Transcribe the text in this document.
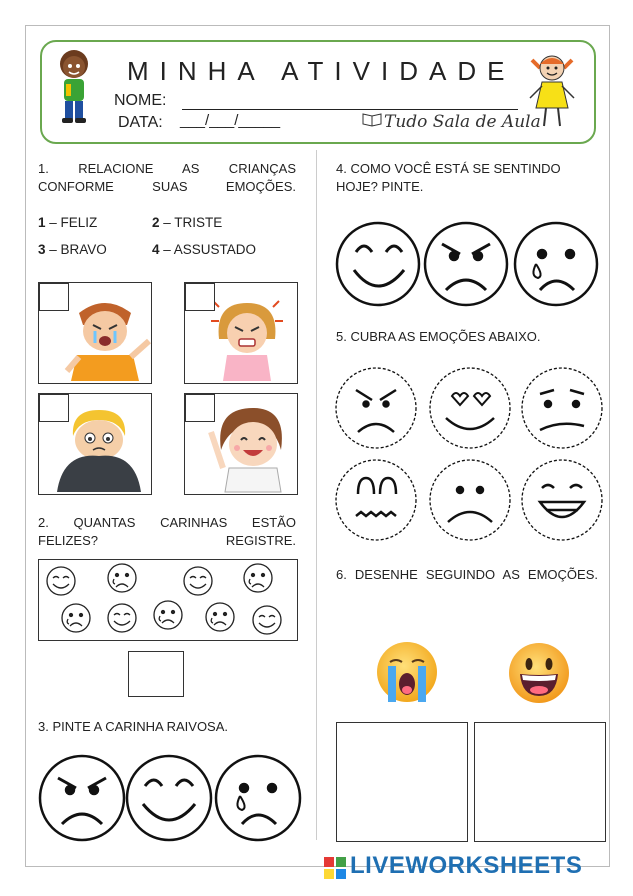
MINHA ATIVIDADE
NOME:
DATA: ___/___/_____	Tudo Sala de Aula
1. RELACIONE AS CRIANÇAS CONFORME SUAS EMOÇÕES.
1 – FELIZ	2 – TRISTE
3 – BRAVO	4 – ASSUSTADO
2. QUANTAS CARINHAS ESTÃO FELIZES? REGISTRE.
3. PINTE A CARINHA RAIVOSA.
4. COMO VOCÊ ESTÁ SE SENTINDO HOJE? PINTE.
5. CUBRA AS EMOÇÕES ABAIXO.
6. DESENHE SEGUINDO AS EMOÇÕES.
LIVEWORKSHEETS
